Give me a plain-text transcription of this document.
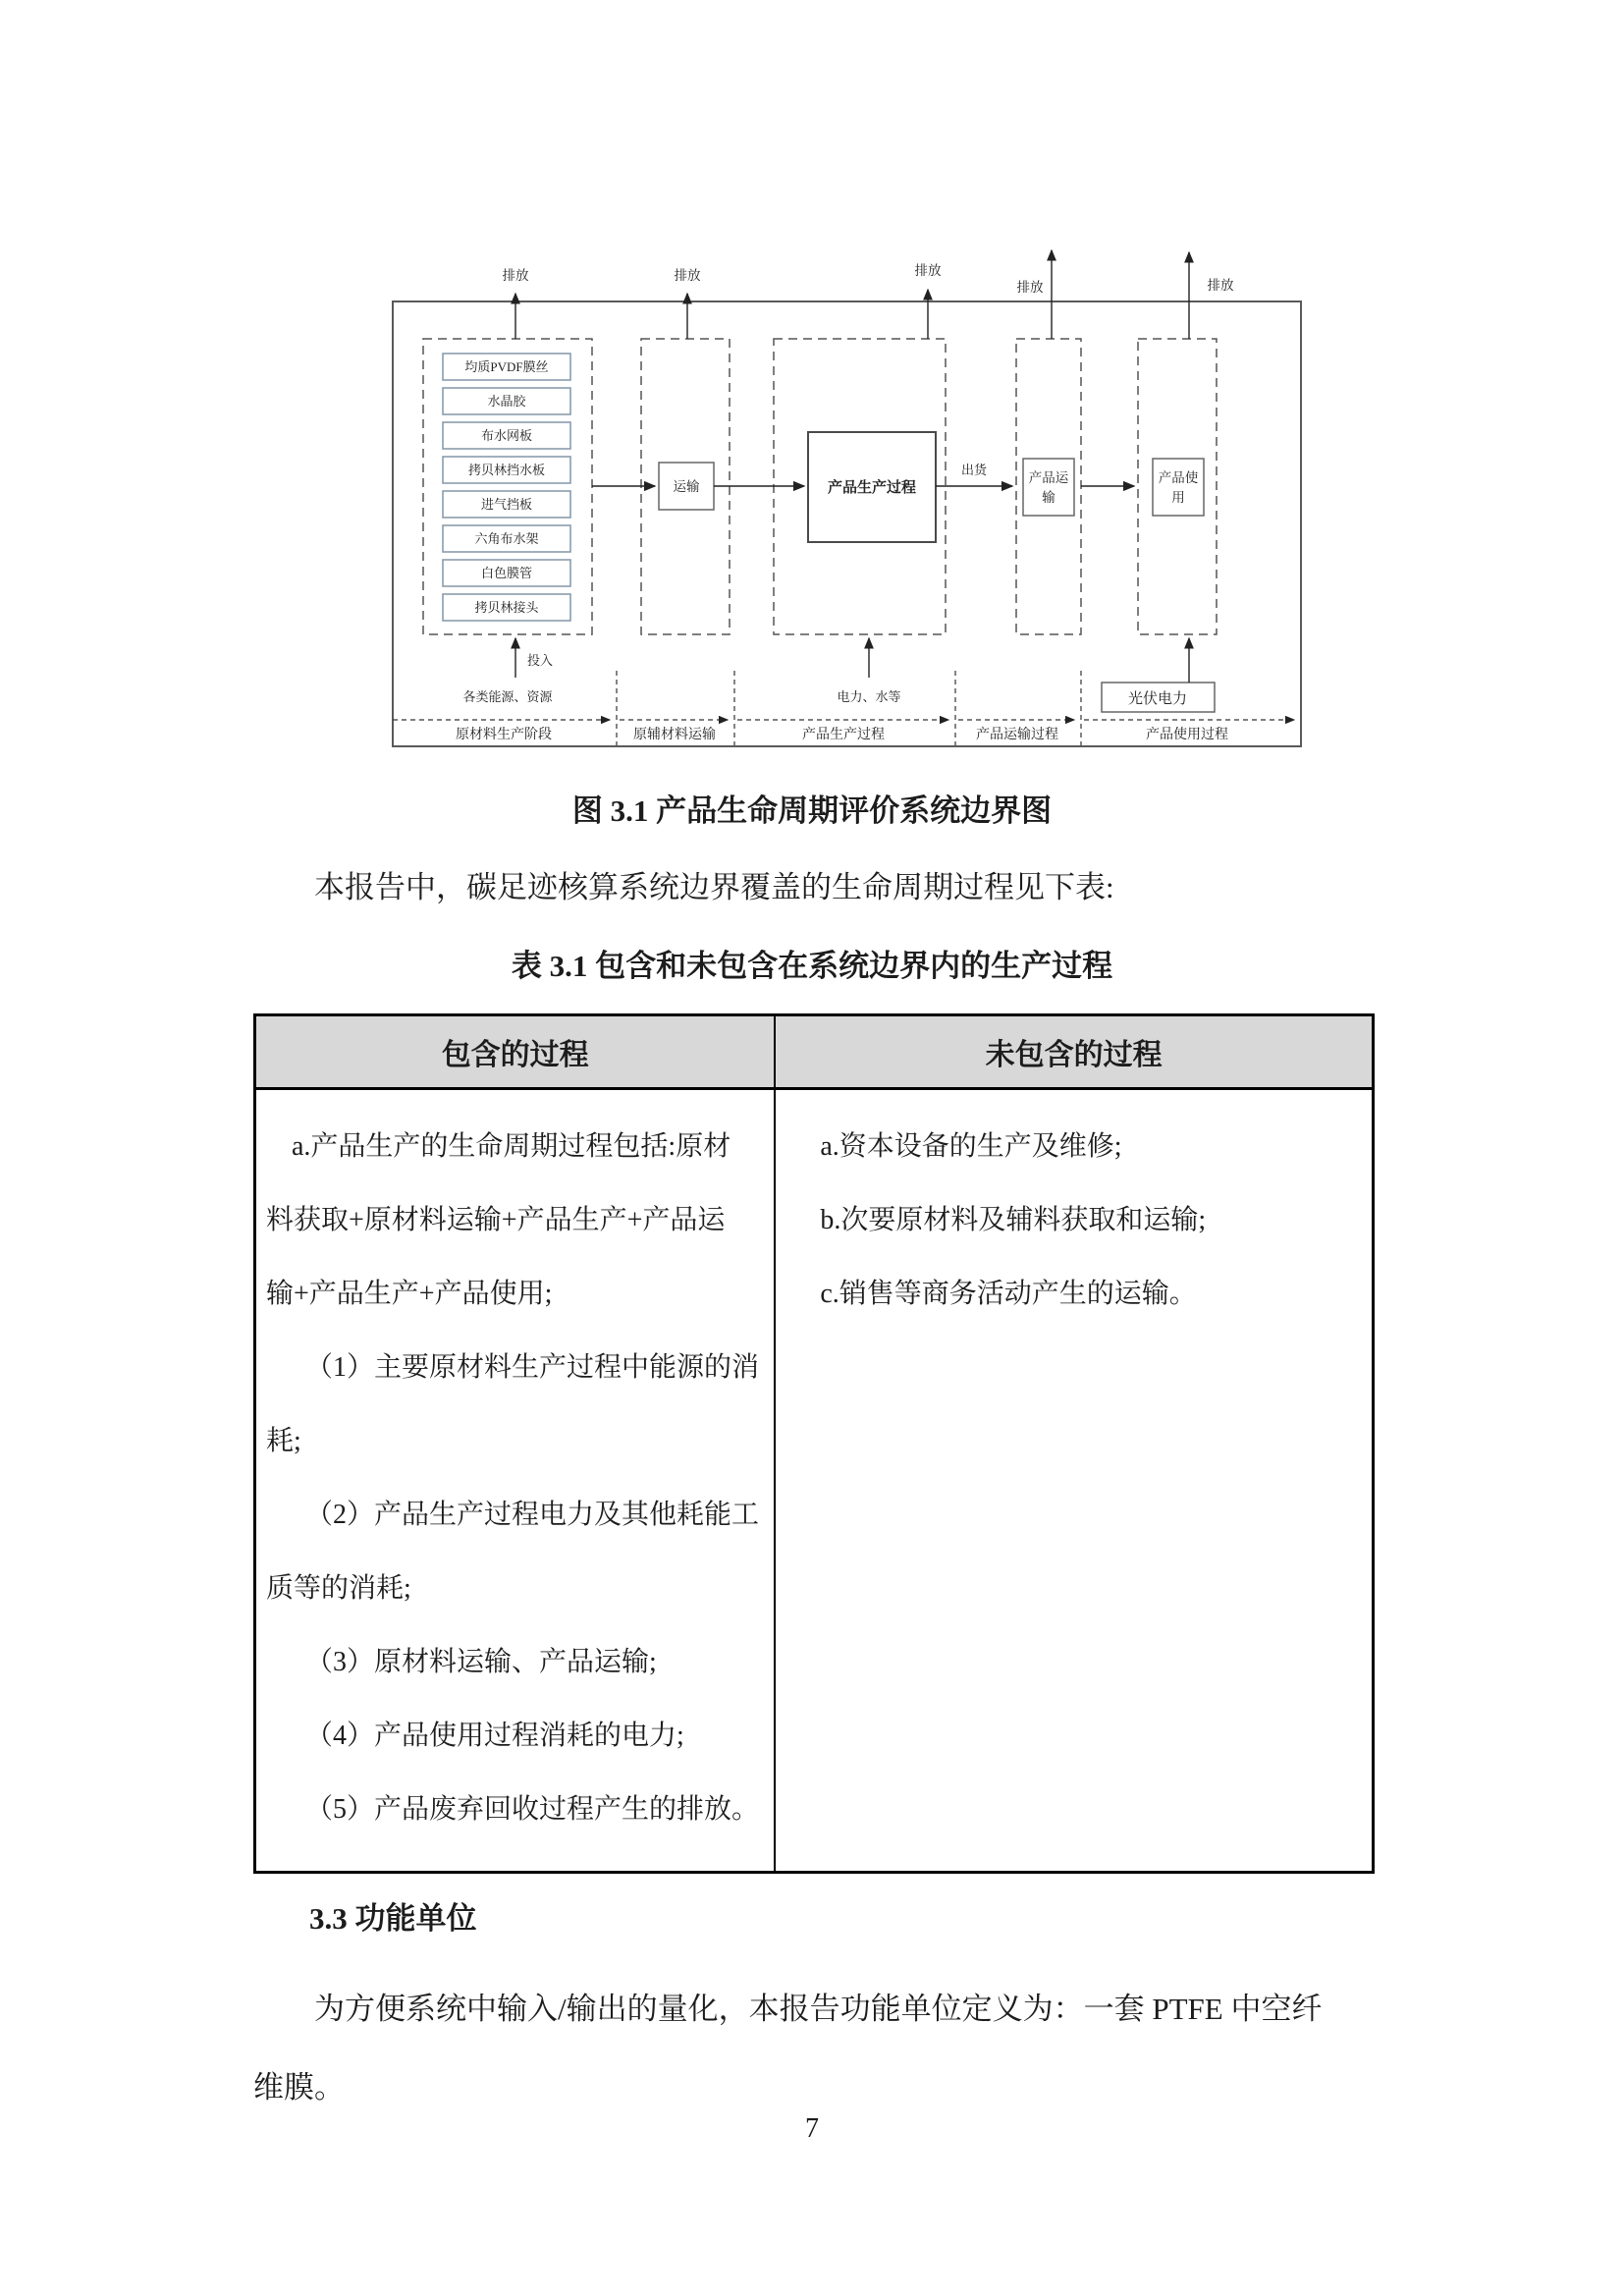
排放	排放	排放
排放	排放
均质PVDF膜丝
水晶胶
布水网板
拷贝林挡水板
进气挡板
六角布水架
白色膜管
拷贝林接头
运输	产品生产过程
产品运
输
产品使
用
出货
投入
各类能源、资源	电力、水等	光伏电力
原材料生产阶段	原辅材料运输	产品生产过程	产品运输过程	产品使用过程
图 3.1 产品生命周期评价系统边界图
本报告中，碳足迹核算系统边界覆盖的生命周期过程见下表:
表 3.1 包含和未包含在系统边界内的生产过程
包含的过程	未包含的过程
a.产品生产的生命周期过程包括:原材
料获取+原材料运输+产品生产+产品运
输+产品生产+产品使用;
（1）主要原材料生产过程中能源的消
耗;
（2）产品生产过程电力及其他耗能工
质等的消耗;
（3）原材料运输、产品运输;
（4）产品使用过程消耗的电力;
（5）产品废弃回收过程产生的排放。
a.资本设备的生产及维修;
b.次要原材料及辅料获取和运输;
c.销售等商务活动产生的运输。
3.3 功能单位
为方便系统中输入/输出的量化，本报告功能单位定义为：一套 PTFE 中空纤
维膜。
7
